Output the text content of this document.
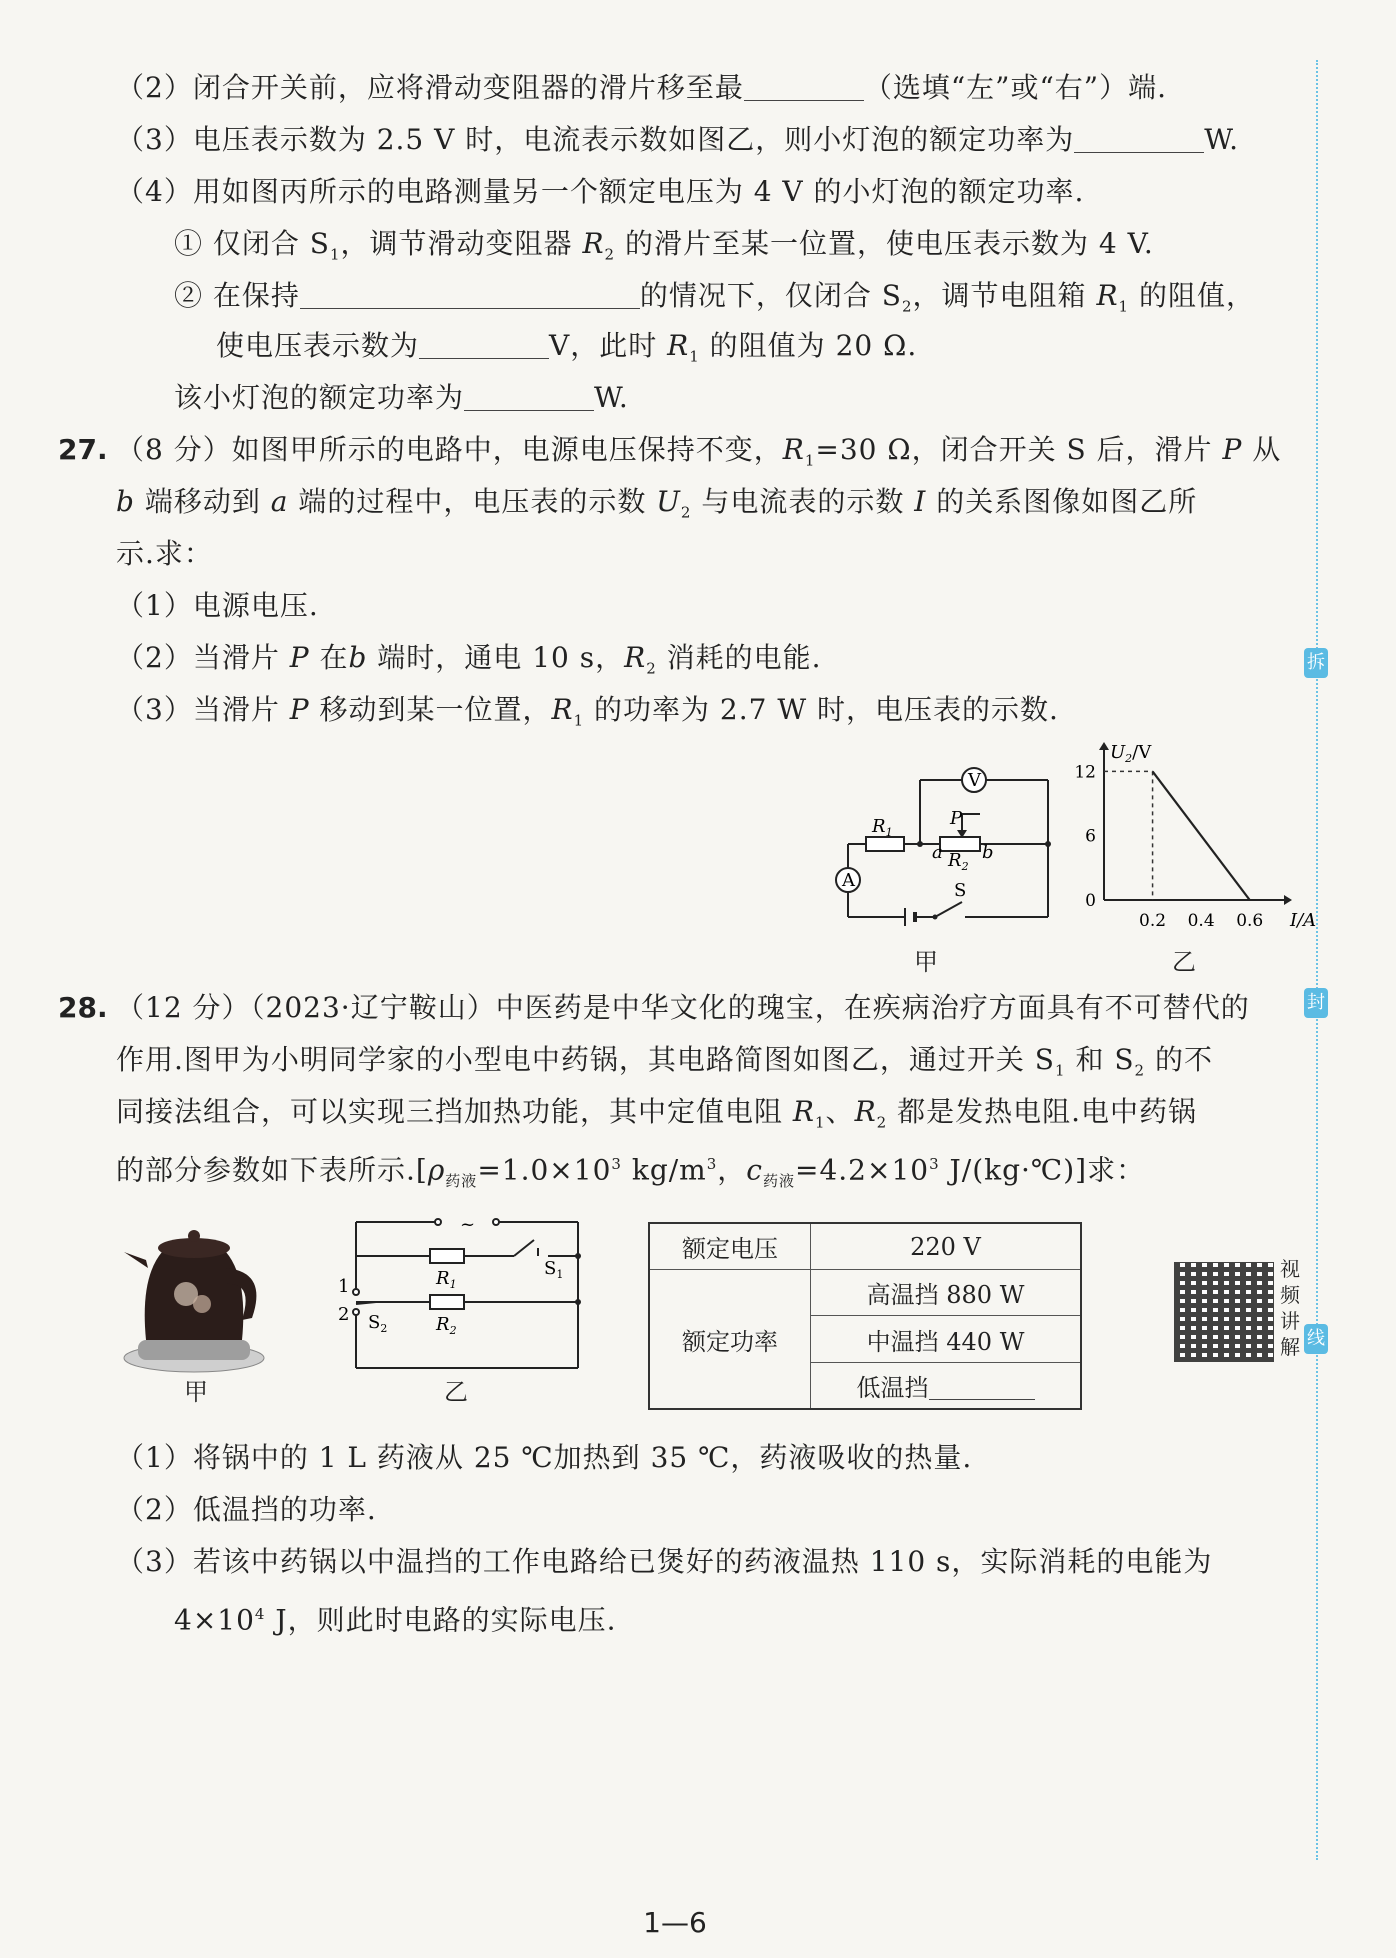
拆
封
线
（2）闭合开关前，应将滑动变阻器的滑片移至最	（选填“左”或“右”）端.
（3）电压表示数为 2.5 V 时，电流表示数如图乙，则小灯泡的额定功率为	W.
（4）用如图丙所示的电路测量另一个额定电压为 4 V 的小灯泡的额定功率.
① 仅闭合 $S_1$，调节滑动变阻器 $R_2$ 的滑片至某一位置，使电压表示数为 4 V.
② 在保持	的情况下，仅闭合 $S_2$，调节电阻箱 $R_1$ 的阻值，
使电压表示数为	V，此时 $R_1$ 的阻值为 20 Ω.
该小灯泡的额定功率为	W.
27. （8 分）如图甲所示的电路中，电源电压保持不变，$R_1=30$ Ω，闭合开关 S 后，滑片 P 从
b 端移动到 a 端的过程中，电压表的示数 $U_2$ 与电流表的示数 I 的关系图像如图乙所
示.求：
（1）电源电压.
（2）当滑片 P 在b 端时，通电 10 s，$R_2$ 消耗的电能.
（3）当滑片 P 移动到某一位置，$R_1$ 的功率为 2.7 W 时，电压表的示数.
V
A
$R_1$
P
a $R_2$
b
S
甲
$U_2/V$
I/A
0
6
12
0.2 0.4 0.6
乙
28. （12 分）（2023·辽宁鞍山）中医药是中华文化的瑰宝，在疾病治疗方面具有不可替代的
作用.图甲为小明同学家的小型电中药锅，其电路简图如图乙，通过开关 $S_1$ 和 $S_2$ 的不
同接法组合，可以实现三挡加热功能，其中定值电阻 $R_1$、$R_2$ 都是发热电阻.电中药锅
的部分参数如下表所示$.[\rho_{药液}=1.0\times 10^3$ $kg/m^3$，$c_{药液}=4.2\times 10^3$ J/(kg·℃)]求：
甲
~
$R_1$
$R_2$
$S_1$
$S_2$
1
2
乙
额定电压	220 V
额定功率	高温挡 880 W
	中温挡 440 W
	低温挡
视频讲解
（1）将锅中的 1 L 药液从 25 ℃加热到 35 ℃，药液吸收的热量.
（2）低温挡的功率.
（3）若该中药锅以中温挡的工作电路给已煲好的药液温热 110 s，实际消耗的电能为
$4\times 10^4$ J，则此时电路的实际电压.
1—6
